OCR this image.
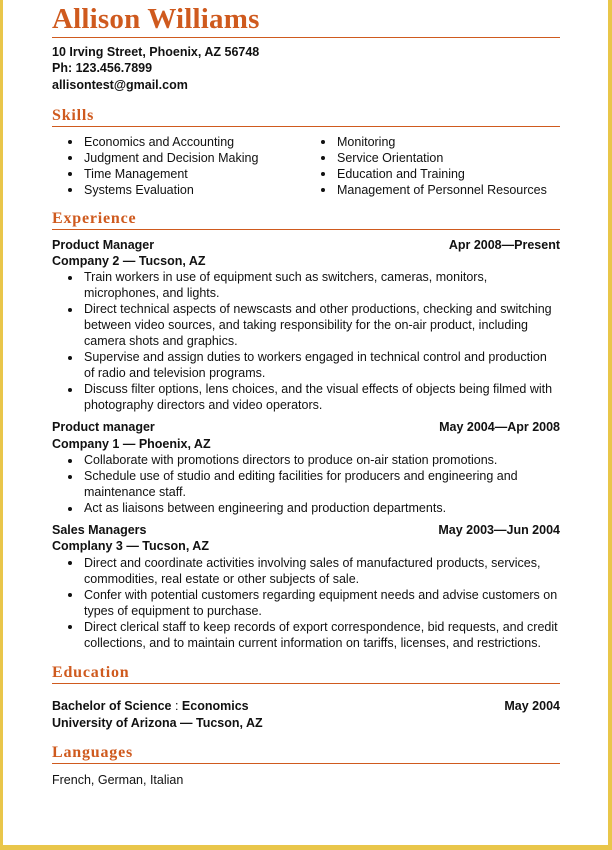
Allison Williams
10 Irving Street, Phoenix, AZ 56748
Ph: 123.456.7899
allisontest@gmail.com
Skills
Economics and Accounting
Judgment and Decision Making
Time Management
Systems Evaluation
Monitoring
Service Orientation
Education and Training
Management of Personnel Resources
Experience
Product Manager	Apr 2008—Present
Company 2 — Tucson, AZ
Train workers in use of equipment such as switchers, cameras, monitors, microphones, and lights.
Direct technical aspects of newscasts and other productions, checking and switching between video sources, and taking responsibility for the on-air product, including camera shots and graphics.
Supervise and assign duties to workers engaged in technical control and production of radio and television programs.
Discuss filter options, lens choices, and the visual effects of objects being filmed with photography directors and video operators.
Product manager	May 2004—Apr 2008
Company 1 — Phoenix, AZ
Collaborate with promotions directors to produce on-air station promotions.
Schedule use of studio and editing facilities for producers and engineering and maintenance staff.
Act as liaisons between engineering and production departments.
Sales Managers	May 2003—Jun 2004
Complany 3 — Tucson, AZ
Direct and coordinate activities involving sales of manufactured products, services, commodities, real estate or other subjects of sale.
Confer with potential customers regarding equipment needs and advise customers on types of equipment to purchase.
Direct clerical staff to keep records of export correspondence, bid requests, and credit collections, and to maintain current information on tariffs, licenses, and restrictions.
Education
Bachelor of Science : Economics	May 2004
University of Arizona — Tucson, AZ
Languages
French, German, Italian
